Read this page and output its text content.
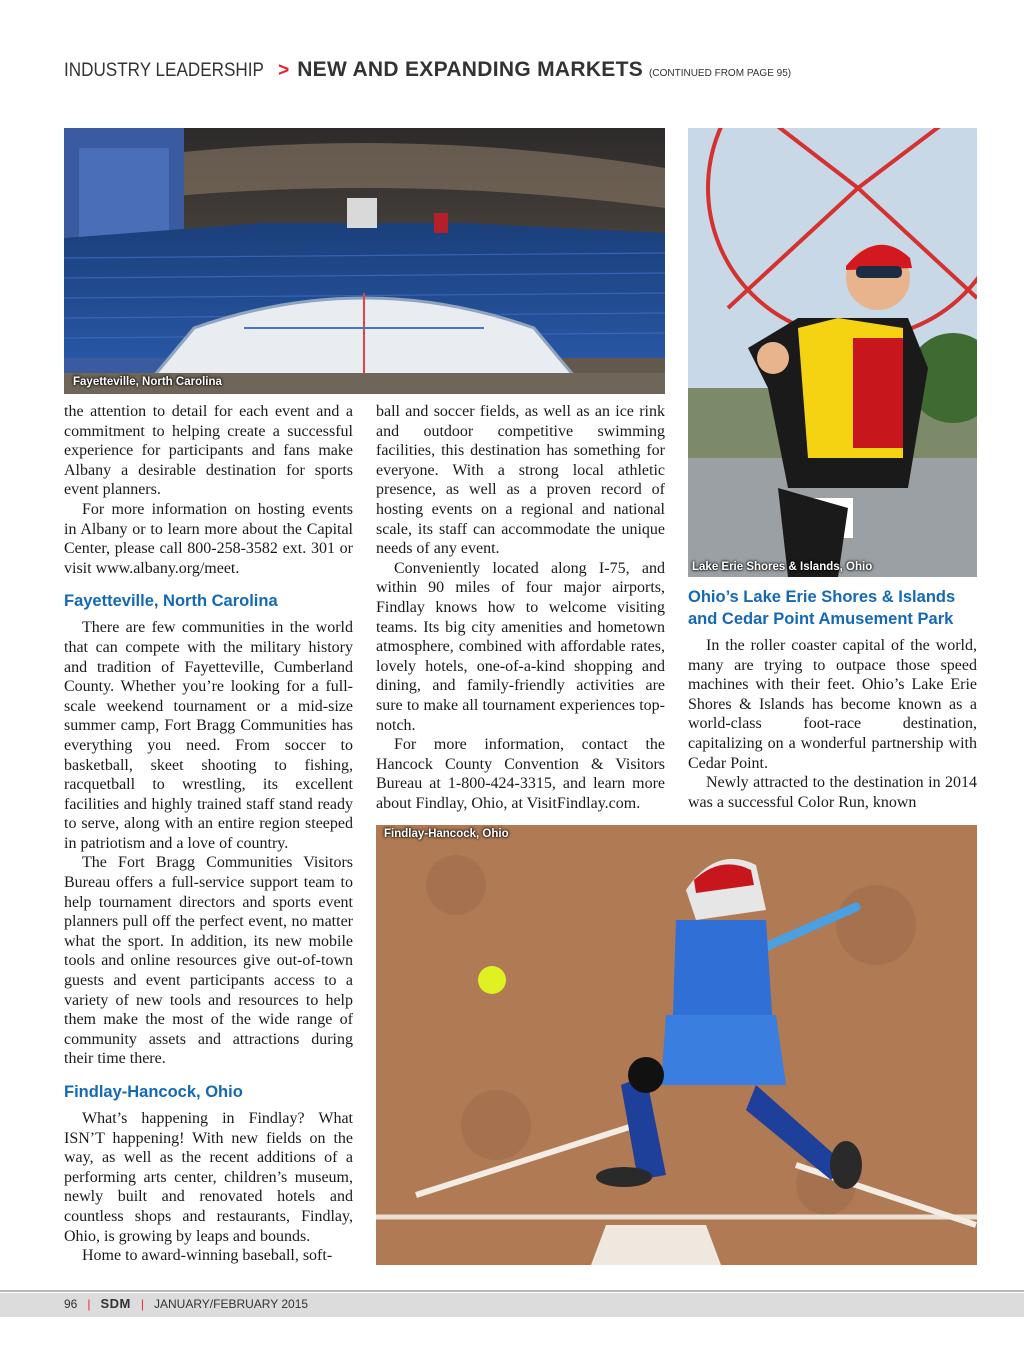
INDUSTRY LEADERSHIP > NEW AND EXPANDING MARKETS (CONTINUED FROM PAGE 95)
Fayetteville, North Carolina
Lake Erie Shores & Islands, Ohio
Findlay-Hancock, Ohio

the attention to detail for each event and a commitment to helping create a successful experience for participants and fans make Albany a desirable destination for sports event planners.

For more information on hosting events in Albany or to learn more about the Capital Center, please call 800-258-3582 ext. 301 or visit www.albany.org/meet.

Fayetteville, North Carolina

There are few communities in the world that can compete with the military history and tradition of Fayetteville, Cumberland County. Whether you’re looking for a full-scale weekend tournament or a mid-size summer camp, Fort Bragg Communities has everything you need. From soccer to basketball, skeet shooting to fishing, racquetball to wrestling, its excellent facilities and highly trained staff stand ready to serve, along with an entire region steeped in patriotism and a love of country.

The Fort Bragg Communities Visitors Bureau offers a full-service support team to help tournament directors and sports event planners pull off the perfect event, no matter what the sport. In addition, its new mobile tools and online resources give out-of-town guests and event participants access to a variety of new tools and resources to help them make the most of the wide range of community assets and attractions during their time there.

Findlay-Hancock, Ohio

What’s happening in Findlay? What ISN’T happening! With new fields on the way, as well as the recent additions of a performing arts center, children’s museum, newly built and renovated hotels and countless shops and restaurants, Findlay, Ohio, is growing by leaps and bounds.

Home to award-winning baseball, soft-

ball and soccer fields, as well as an ice rink and outdoor competitive swimming facilities, this destination has something for everyone. With a strong local athletic presence, as well as a proven record of hosting events on a regional and national scale, its staff can accommodate the unique needs of any event.

Conveniently located along I-75, and within 90 miles of four major airports, Findlay knows how to welcome visiting teams. Its big city amenities and hometown atmosphere, combined with affordable rates, lovely hotels, one-of-a-kind shopping and dining, and family-friendly activities are sure to make all tournament experiences top-notch.

For more information, contact the Hancock County Convention & Visitors Bureau at 1-800-424-3315, and learn more about Findlay, Ohio, at VisitFindlay.com.

Ohio’s Lake Erie Shores & Islands and Cedar Point Amusement Park

In the roller coaster capital of the world, many are trying to outpace those speed machines with their feet. Ohio’s Lake Erie Shores & Islands has become known as a world-class foot-race destination, capitalizing on a wonderful partnership with Cedar Point.

Newly attracted to the destination in 2014 was a successful Color Run, known

96 | SDM | JANUARY/FEBRUARY 2015
